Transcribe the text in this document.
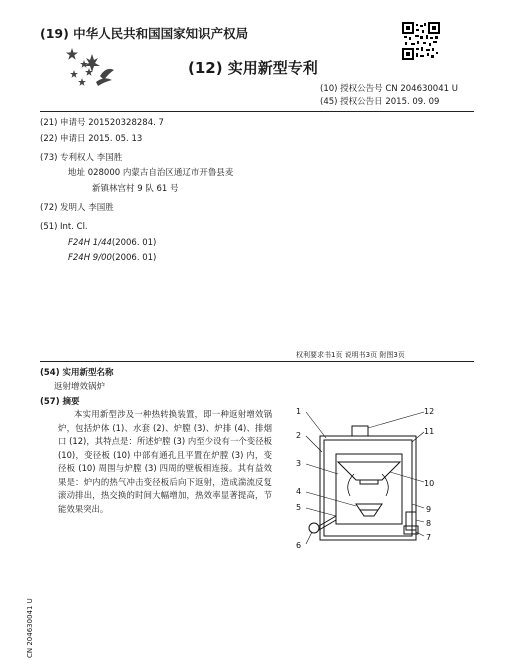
(19) 中华人民共和国国家知识产权局
(12) 实用新型专利
(10) 授权公告号 CN 204630041 U
(45) 授权公告日 2015. 09. 09
(21) 申请号 201520328284. 7
(22) 申请日 2015. 05. 13
(73) 专利权人 李国胜
地址 028000 内蒙古自治区通辽市开鲁县麦
新镇林宫村 9 队 61 号
(72) 发明人 李国胜
(51) Int. Cl.
F24H 1/44 (2006. 01)
F24H 9/00 (2006. 01)
权利要求书1页 说明书3页 附图3页
(54) 实用新型名称
返射增效锅炉
(57) 摘要
本实用新型涉及一种热转换装置，即一种返射增效锅炉，包括炉体 (1)、水套 (2)、炉膛 (3)、炉排 (4)、排烟口 (12)，其特点是：所述炉膛 (3) 内至少设有一个变径板 (10)，变径板 (10) 中部有通孔且平置在炉膛 (3) 内，变径板 (10) 周围与炉膛 (3) 四周的壁板相连接。其有益效果是：炉内的热气冲击变径板后向下返射，造成湍流反复滚动排出，热交换的时间大幅增加，热效率显著提高，节能效果突出。
1
2
3
4
5
6
7
8
9
10
11
12
CN 204630041 U
